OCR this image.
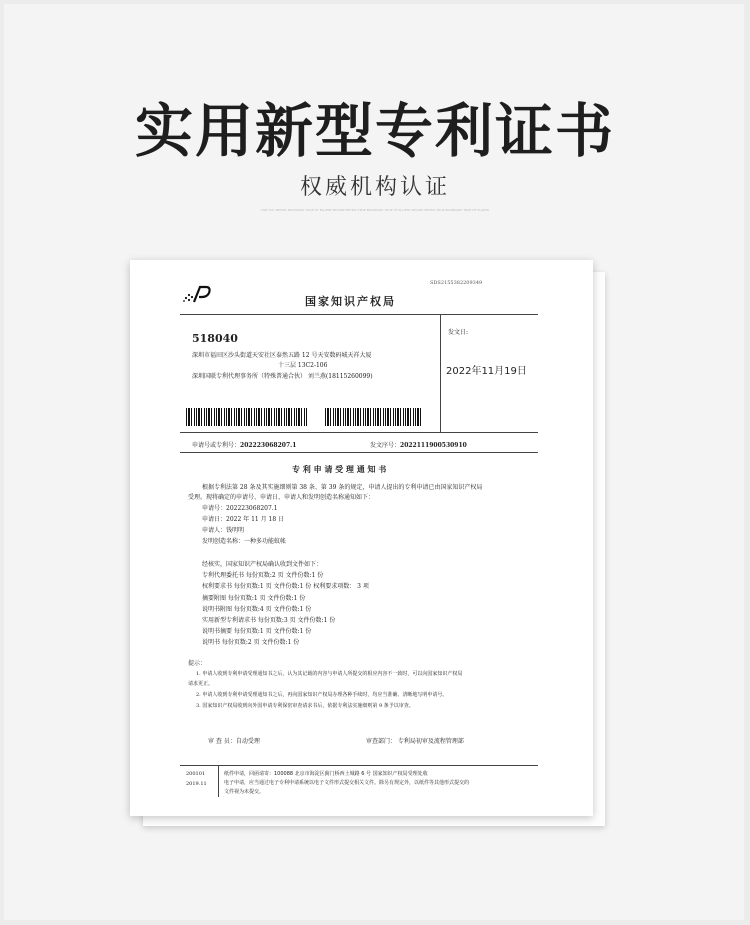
实用新型专利证书
权威机构认证
LIVE YOU METRIC BOUNDARY TRUE OF ELLIPSE SECURE METRIC TRUE BOUNDARY TRUE OF ELLIPSE SECURE METRIC TRUE BOUNDARY TRUE OF ELLIPSE
SDS2155382209349
国家知识产权局
518040
深圳市福田区沙头街道天安社区泰然五路 12 号天安数码城天祥大厦
十三层 13C2-106
深圳国联专利代理事务所（特殊普通合伙） 刘兰燕(18115260099)
发文日:
2022年11月19日
申请号或专利号：202223068207.1	发文序号：2022111900530910
专 利 申 请 受 理 通 知 书
根据专利法第 28 条及其实施细则第 38 条、第 39 条的规定，申请人提出的专利申请已由国家知识产权局
受理。现将确定的申请号、申请日、申请人和发明创造名称通知如下：
申请号：202223068207.1
申请日：2022 年 11 月 18 日
申请人：钱明明
发明创造名称：一种多功能蚊帐
经核实，国家知识产权局确认收到文件如下：
专利代理委托书 每份页数:2 页 文件份数:1 份
权利要求书 每份页数:1 页 文件份数:1 份 权利要求项数： 3 项
摘要附图 每份页数:1 页 文件份数:1 份
说明书附图 每份页数:4 页 文件份数:1 份
实用新型专利请求书 每份页数:3 页 文件份数:1 份
说明书摘要 每份页数:1 页 文件份数:1 份
说明书 每份页数:2 页 文件份数:1 份
提示：
1. 申请人收到专利申请受理通知书之后，认为其记载的内容与申请人所提交的相应内容不一致时，可以向国家知识产权局
请求更正。
2. 申请人收到专利申请受理通知书之后，再向国家知识产权局办理各种手续时，均应当准确、清晰地写明申请号。
3. 国家知识产权局收到向外国申请专利保密审查请求书后，依据专利法实施细则第 9 条予以审查。
审 查 员：自动受理	审查部门： 专利局初审及流程管理部
200101
2019.11
纸件申请，回函请寄：100088 北京市海淀区蓟门桥西土城路 6 号 国家知识产权局受理处收
电子申请，应当通过电子专利申请系统以电子文件形式提交相关文件。除另有规定外，以纸件等其他形式提交的
文件视为未提交。
